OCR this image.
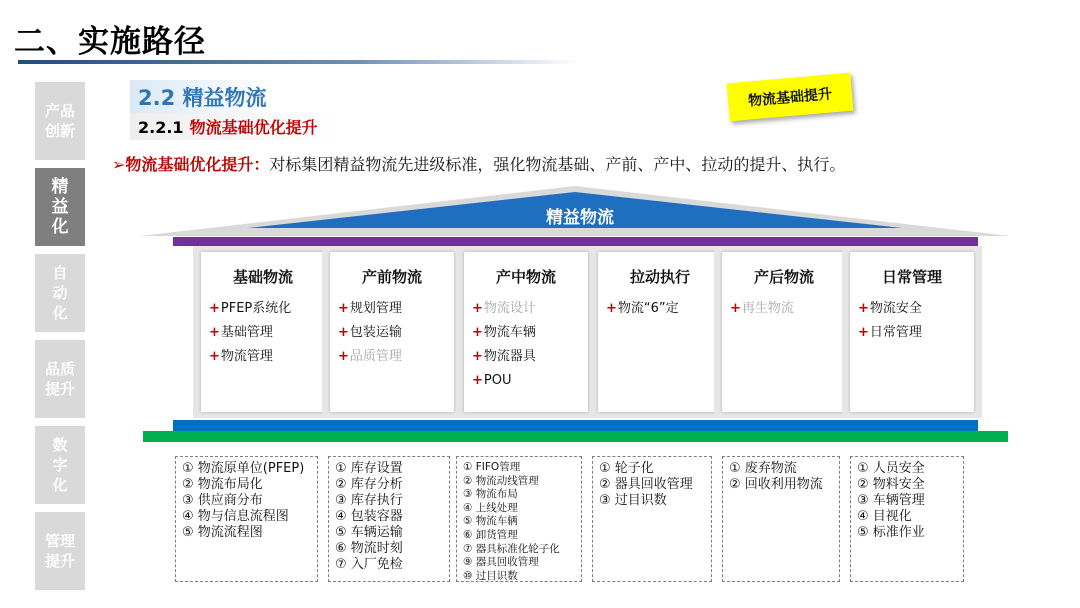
二、实施路径
产品
创新
精
益
化
自
动
化
品质
提升
数
字
化
管理
提升
2.2 精益物流
2.2.1 物流基础优化提升
物流基础提升
➢物流基础优化提升：对标集团精益物流先进级标准，强化物流基础、产前、产中、拉动的提升、执行。
精益物流
基础物流
+PFEP系统化
+基础管理
+物流管理
产前物流
+规划管理
+包装运输
+品质管理
产中物流
+物流设计
+物流车辆
+物流器具
+POU
拉动执行
+物流“6”定
产后物流
+再生物流
日常管理
+物流安全
+日常管理
① 物流原单位(PFEP)
② 物流布局化
③ 供应商分布
④ 物与信息流程图
⑤ 物流流程图
① 库存设置
② 库存分析
③ 库存执行
④ 包装容器
⑤ 车辆运输
⑥ 物流时刻
⑦ 入厂免检
① FIFO管理
② 物流动线管理
③ 物流布局
④ 上线处理
⑤ 物流车辆
⑥ 卸货管理
⑦ 器具标准化轮子化
⑨ 器具回收管理
⑩ 过目识数
① 轮子化
② 器具回收管理
③ 过目识数
① 废弃物流
② 回收利用物流
① 人员安全
② 物料安全
③ 车辆管理
④ 目视化
⑤ 标准作业
